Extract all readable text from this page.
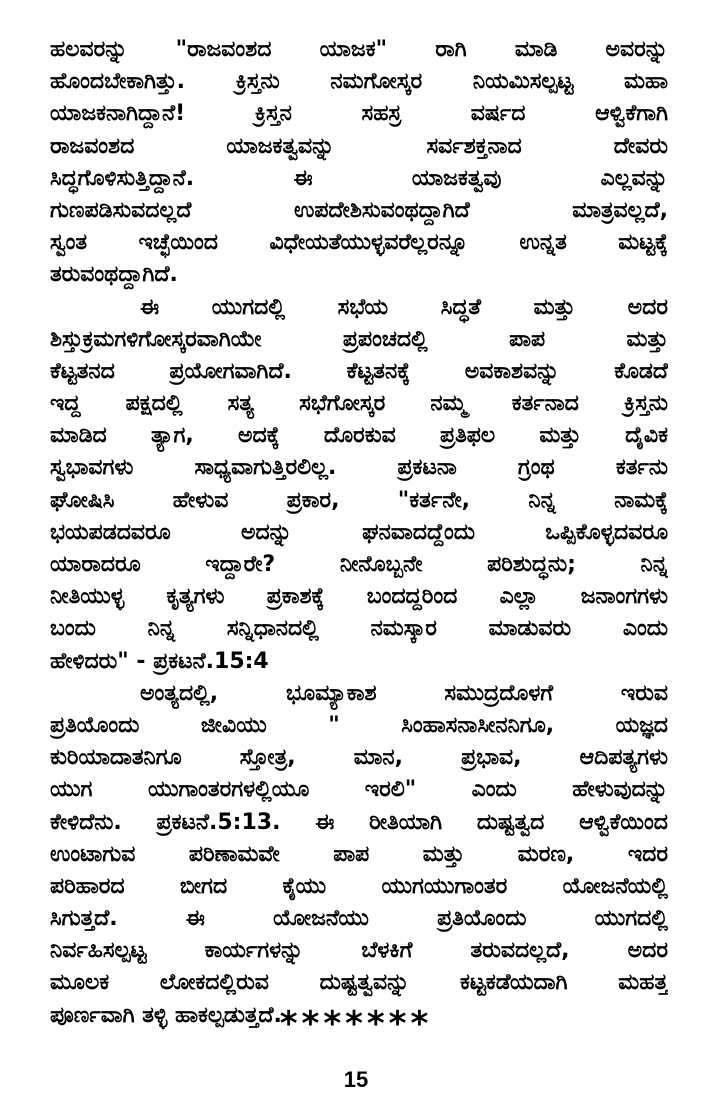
ಹಲವರನ್ನು "ರಾಜವಂಶದ ಯಾಜಕ" ರಾಗಿ ಮಾಡಿ ಅವರನ್ನು
ಹೊಂದಬೇಕಾಗಿತ್ತು. ಕ್ರಿಸ್ತನು ನಮಗೋಸ್ಕರ ನಿಯಮಿಸಲ್ಪಟ್ಟ ಮಹಾ
ಯಾಜಕನಾಗಿದ್ದಾನೆ! ಕ್ರಿಸ್ತನ ಸಹಸ್ರ ವರ್ಷದ ಆಳ್ವಿಕೆಗಾಗಿ
ರಾಜವಂಶದ ಯಾಜಕತ್ವವನ್ನು ಸರ್ವಶಕ್ತನಾದ ದೇವರು
ಸಿದ್ಧಗೊಳಿಸುತ್ತಿದ್ದಾನೆ. ಈ ಯಾಜಕತ್ವವು ಎಲ್ಲವನ್ನು
ಗುಣಪಡಿಸುವದಲ್ಲದೆ ಉಪದೇಶಿಸುವಂಥದ್ದಾಗಿದೆ ಮಾತ್ರವಲ್ಲದೆ,
ಸ್ವಂತ ಇಚ್ಛೆಯಿಂದ ವಿಧೇಯತೆಯುಳ್ಳವರೆಲ್ಲರನ್ನೂ ಉನ್ನತ ಮಟ್ಟಕ್ಕೆ
ತರುವಂಥದ್ದಾಗಿದೆ.
ಈ ಯುಗದಲ್ಲಿ ಸಭೆಯ ಸಿದ್ಧತೆ ಮತ್ತು ಅದರ
ಶಿಸ್ತುಕ್ರಮಗಳಿಗೋಸ್ಕರವಾಗಿಯೇ ಪ್ರಪಂಚದಲ್ಲಿ ಪಾಪ ಮತ್ತು
ಕೆಟ್ಟತನದ ಪ್ರಯೋಗವಾಗಿದೆ. ಕೆಟ್ಟತನಕ್ಕೆ ಅವಕಾಶವನ್ನು ಕೊಡದೆ
ಇದ್ದ ಪಕ್ಷದಲ್ಲಿ ಸತ್ಯ ಸಭೆಗೋಸ್ಕರ ನಮ್ಮ ಕರ್ತನಾದ ಕ್ರಿಸ್ತನು
ಮಾಡಿದ ತ್ಯಾಗ, ಅದಕ್ಕೆ ದೊರಕುವ ಪ್ರತಿಫಲ ಮತ್ತು ದೈವಿಕ
ಸ್ವಭಾವಗಳು ಸಾಧ್ಯವಾಗುತ್ತಿರಲಿಲ್ಲ. ಪ್ರಕಟನಾ ಗ್ರಂಥ ಕರ್ತನು
ಘೋಷಿಸಿ ಹೇಳುವ ಪ್ರಕಾರ, "ಕರ್ತನೇ, ನಿನ್ನ ನಾಮಕ್ಕೆ
ಭಯಪಡದವರೂ ಅದನ್ನು ಘನವಾದದ್ದೆಂದು ಒಪ್ಪಿಕೊಳ್ಳದವರೂ
ಯಾರಾದರೂ ಇದ್ದಾರೇ? ನೀನೊಬ್ಬನೇ ಪರಿಶುದ್ಧನು; ನಿನ್ನ
ನೀತಿಯುಳ್ಳ ಕೃತ್ಯಗಳು ಪ್ರಕಾಶಕ್ಕೆ ಬಂದದ್ದರಿಂದ ಎಲ್ಲಾ ಜನಾಂಗಗಳು
ಬಂದು ನಿನ್ನ ಸನ್ನಿಧಾನದಲ್ಲಿ ನಮಸ್ಕಾರ ಮಾಡುವರು ಎಂದು
ಹೇಳಿದರು" - ಪ್ರಕಟನೆ.15:4
ಅಂತ್ಯದಲ್ಲಿ, ಭೂಮ್ಯಾಕಾಶ ಸಮುದ್ರದೊಳಗೆ ಇರುವ
ಪ್ರತಿಯೊಂದು ಜೀವಿಯು " ಸಿಂಹಾಸನಾಸೀನನಿಗೂ, ಯಜ್ಞದ
ಕುರಿಯಾದಾತನಿಗೂ ಸ್ತೋತ್ರ, ಮಾನ, ಪ್ರಭಾವ, ಆದಿಪತ್ಯಗಳು
ಯುಗ ಯುಗಾಂತರಗಳಲ್ಲಿಯೂ ಇರಲಿ" ಎಂದು ಹೇಳುವುದನ್ನು
ಕೇಳಿದೆನು. ಪ್ರಕಟನೆ.5:13. ಈ ರೀತಿಯಾಗಿ ದುಷ್ಟತ್ವದ ಆಳ್ವಿಕೆಯಿಂದ
ಉಂಟಾಗುವ ಪರಿಣಾಮವೇ ಪಾಪ ಮತ್ತು ಮರಣ, ಇದರ
ಪರಿಹಾರದ ಬೀಗದ ಕೈಯು ಯುಗಯುಗಾಂತರ ಯೋಜನೆಯಲ್ಲಿ
ಸಿಗುತ್ತದೆ. ಈ ಯೋಜನೆಯು ಪ್ರತಿಯೊಂದು ಯುಗದಲ್ಲಿ
ನಿರ್ವಹಿಸಲ್ಪಟ್ಟ ಕಾರ್ಯಗಳನ್ನು ಬೆಳಕಿಗೆ ತರುವದಲ್ಲದೆ, ಅದರ
ಮೂಲಕ ಲೋಕದಲ್ಲಿರುವ ದುಷ್ಟತ್ವವನ್ನು ಕಟ್ಟಕಡೆಯದಾಗಿ ಮಹತ್ತ
ಪೂರ್ಣವಾಗಿ ತಳ್ಳಿ ಹಾಕಲ್ಪಡುತ್ತದೆ.
*******
15
